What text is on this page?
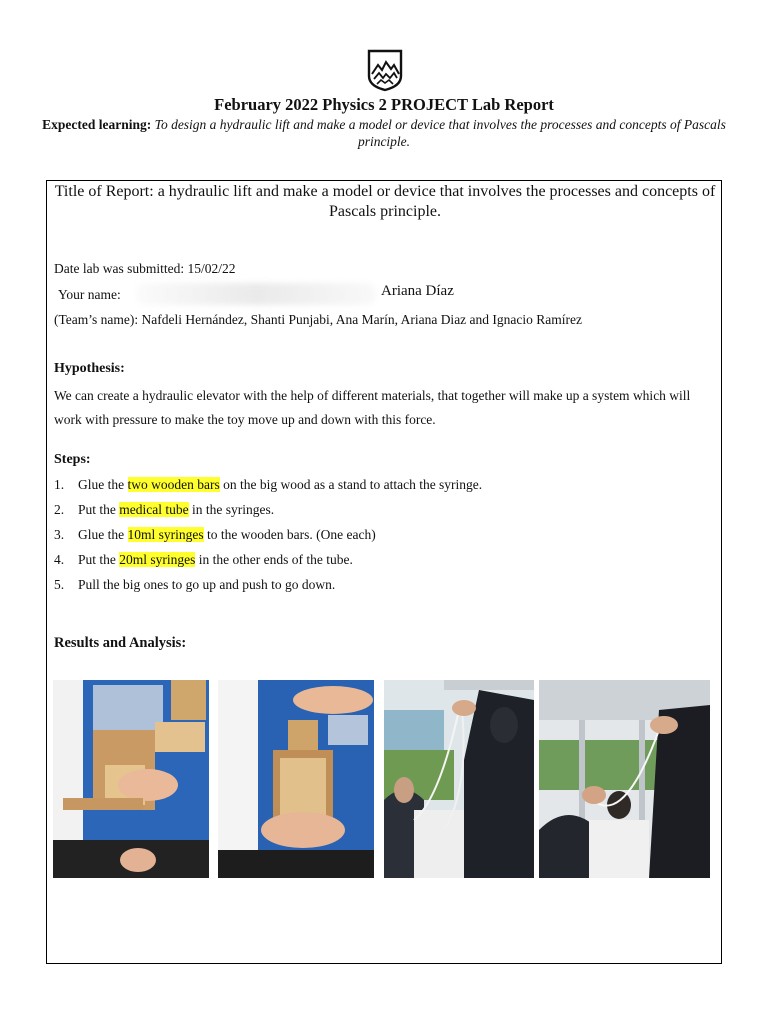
February 2022 Physics 2 PROJECT Lab Report
Expected learning: To design a hydraulic lift and make a model or device that involves the processes and concepts of Pascals principle.
Title of Report: a hydraulic lift and make a model or device that involves the processes and concepts of Pascals principle.
Date lab was submitted: 15/02/22
Your name:	Ariana Díaz
(Team’s name): Nafdeli Hernández, Shanti Punjabi, Ana Marín, Ariana Diaz and Ignacio Ramírez
Hypothesis:
We can create a hydraulic elevator with the help of different materials, that together will make up a system which will work with pressure to make the toy move up and down with this force.
Steps:
1. Glue the two wooden bars on the big wood as a stand to attach the syringe.
2. Put the medical tube in the syringes.
3. Glue the 10ml syringes to the wooden bars. (One each)
4. Put the 20ml syringes in the other ends of the tube.
5. Pull the big ones to go up and push to go down.
Results and Analysis:
